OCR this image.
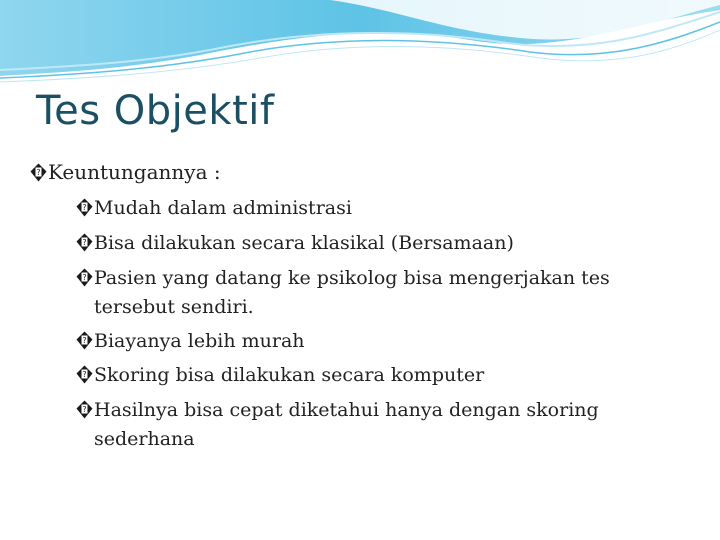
Tes Objektif
? Keuntungannya :
? Mudah dalam administrasi
? Bisa dilakukan secara klasikal (Bersamaan)
? Pasien yang datang ke psikolog bisa mengerjakan tes
tersebut sendiri.
? Biayanya lebih murah
? Skoring bisa dilakukan secara komputer
? Hasilnya bisa cepat diketahui hanya dengan skoring
sederhana
